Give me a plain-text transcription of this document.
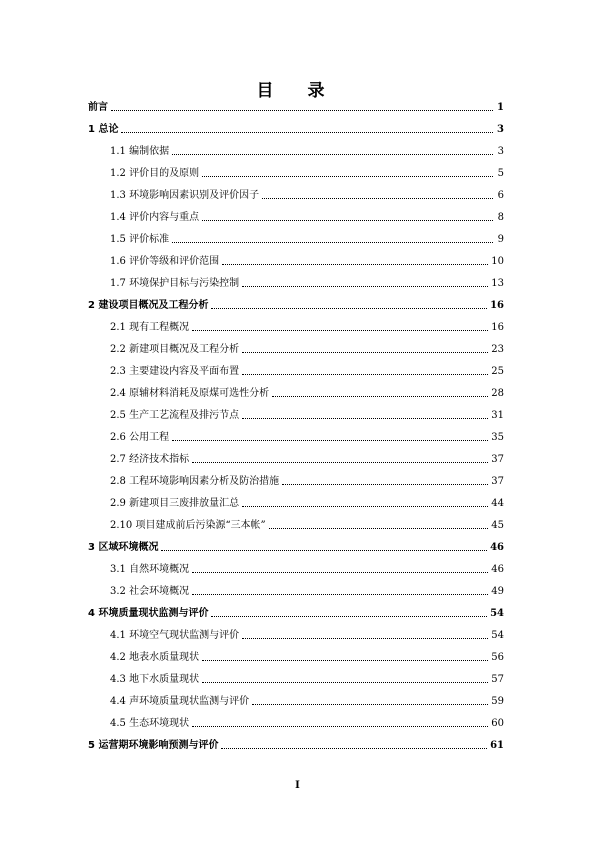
目 录
前言	1
1 总论	3
1.1 编制依据	3
1.2 评价目的及原则	5
1.3 环境影响因素识别及评价因子	6
1.4 评价内容与重点	8
1.5 评价标准	9
1.6 评价等级和评价范围	10
1.7 环境保护目标与污染控制	13
2 建设项目概况及工程分析	16
2.1 现有工程概况	16
2.2 新建项目概况及工程分析	23
2.3 主要建设内容及平面布置	25
2.4 原辅材料消耗及原煤可选性分析	28
2.5 生产工艺流程及排污节点	31
2.6 公用工程	35
2.7 经济技术指标	37
2.8 工程环境影响因素分析及防治措施	37
2.9 新建项目三废排放量汇总	44
2.10 项目建成前后污染源“三本帐”	45
3 区域环境概况	46
3.1 自然环境概况	46
3.2 社会环境概况	49
4 环境质量现状监测与评价	54
4.1 环境空气现状监测与评价	54
4.2 地表水质量现状	56
4.3 地下水质量现状	57
4.4 声环境质量现状监测与评价	59
4.5 生态环境现状	60
5 运营期环境影响预测与评价	61
I
